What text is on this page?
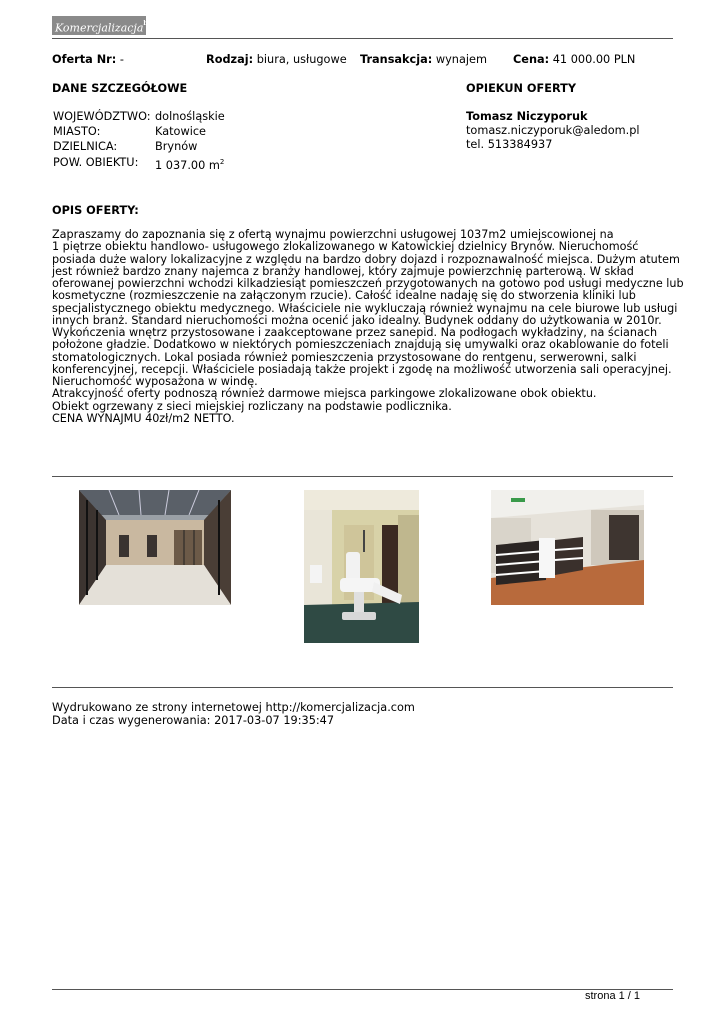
Komercjalizacja$^{biz}$
Oferta Nr: -	Rodzaj: biura, usługowe Transakcja: wynajem Cena: 41 000.00 PLN
DANE SZCZEGÓŁOWE
WOJEWÓDZTWO: dolnośląskie
MIASTO:	Katowice
DZIELNICA:	Brynów
POW. OBIEKTU: 1 037.00 $m^2$
OPIEKUN OFERTY
Tomasz Niczyporuk
tomasz.niczyporuk@aledom.pl
tel. 513384937
OPIS OFERTY:
Zapraszamy do zapoznania się z ofertą wynajmu powierzchni usługowej 1037m2 umiejscowionej na
1 piętrze obiektu handlowo- usługowego zlokalizowanego w Katowickiej dzielnicy Brynów. Nieruchomość
posiada duże walory lokalizacyjne z względu na bardzo dobry dojazd i rozpoznawalność miejsca. Dużym atutem
jest również bardzo znany najemca z branży handlowej, który zajmuje powierzchnię parterową. W skład
oferowanej powierzchni wchodzi kilkadziesiąt pomieszczeń przygotowanych na gotowo pod usługi medyczne lub
kosmetyczne (rozmieszczenie na załączonym rzucie). Całość idealne nadaję się do stworzenia kliniki lub
specjalistycznego obiektu medycznego. Właściciele nie wykluczają również wynajmu na cele biurowe lub usługi
innych branż. Standard nieruchomości można ocenić jako idealny. Budynek oddany do użytkowania w 2010r.
Wykończenia wnętrz przystosowane i zaakceptowane przez sanepid. Na podłogach wykładziny, na ścianach
położone gładzie. Dodatkowo w niektórych pomieszczeniach znajdują się umywalki oraz okablowanie do foteli
stomatologicznych. Lokal posiada również pomieszczenia przystosowane do rentgenu, serwerowni, salki
konferencyjnej, recepcji. Właściciele posiadają także projekt i zgodę na możliwość utworzenia sali operacyjnej.
Nieruchomość wyposażona w windę.
Atrakcyjność oferty podnoszą również darmowe miejsca parkingowe zlokalizowane obok obiektu.
Obiekt ogrzewany z sieci miejskiej rozliczany na podstawie podlicznika.
CENA WYNAJMU 40zł/m2 NETTO.
Wydrukowano ze strony internetowej http://komercjalizacja.com
Data i czas wygenerowania: 2017-03-07 19:35:47
strona 1 / 1
